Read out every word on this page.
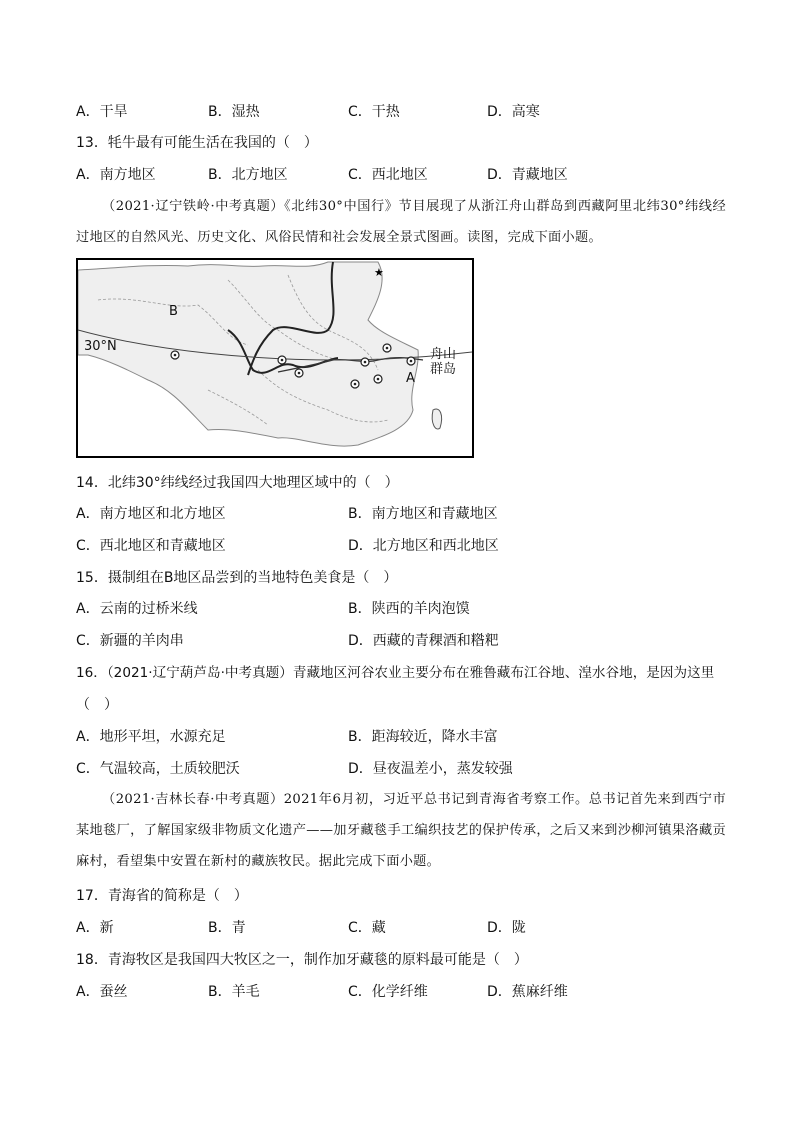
A．干旱	B．湿热	C．干热	D．高寒
13．牦牛最有可能生活在我国的（　）
A．南方地区	B．北方地区	C．西北地区	D．青藏地区
（2021·辽宁铁岭·中考真题）《北纬30°中国行》节目展现了从浙江舟山群岛到西藏阿里北纬30°纬线经过地区的自然风光、历史文化、风俗民情和社会发展全景式图画。读图，完成下面小题。
★
B
30°N
A
舟山
群岛
14．北纬30°纬线经过我国四大地理区域中的（　）
A．南方地区和北方地区	B．南方地区和青藏地区
C．西北地区和青藏地区	D．北方地区和西北地区
15．摄制组在B地区品尝到的当地特色美食是（　）
A．云南的过桥米线	B．陕西的羊肉泡馍
C．新疆的羊肉串	D．西藏的青稞酒和糌粑
16．（2021·辽宁葫芦岛·中考真题）青藏地区河谷农业主要分布在雅鲁藏布江谷地、湟水谷地，是因为这里
（　）
A．地形平坦，水源充足	B．距海较近，降水丰富
C．气温较高，土质较肥沃	D．昼夜温差小，蒸发较强
（2021·吉林长春·中考真题）2021年6月初，习近平总书记到青海省考察工作。总书记首先来到西宁市某地毯厂，了解国家级非物质文化遗产——加牙藏毯手工编织技艺的保护传承，之后又来到沙柳河镇果洛藏贡麻村，看望集中安置在新村的藏族牧民。据此完成下面小题。
17．青海省的简称是（　）
A．新	B．青	C．藏	D．陇
18．青海牧区是我国四大牧区之一，制作加牙藏毯的原料最可能是（　）
A．蚕丝	B．羊毛	C．化学纤维	D．蕉麻纤维
